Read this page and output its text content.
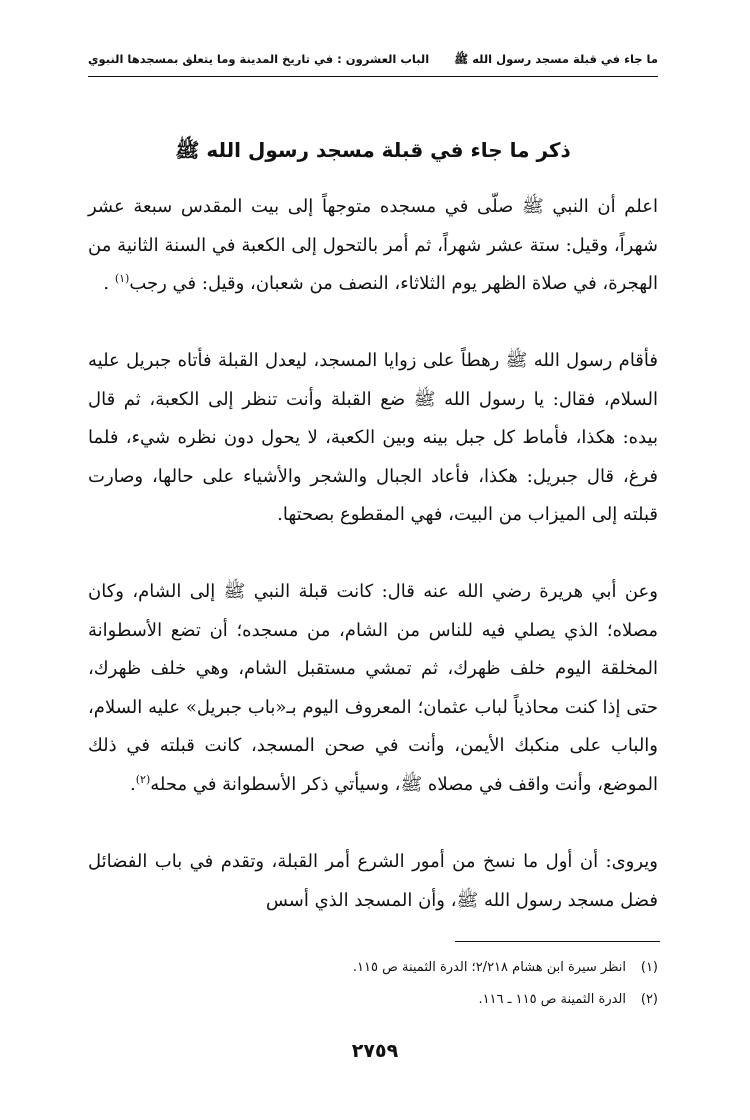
ما جاء في قبلة مسجد رسول الله ﷺ
الباب العشرون : في تاريخ المدينة وما يتعلق بمسجدها النبوي
ذكر ما جاء في قبلة مسجد رسول الله ﷺ
اعلم أن النبي ﷺ صلّى في مسجده متوجهاً إلى بيت المقدس سبعة عشر شهراً، وقيل: ستة عشر شهراً، ثم أمر بالتحول إلى الكعبة في السنة الثانية من الهجرة، في صلاة الظهر يوم الثلاثاء، النصف من شعبان، وقيل: في رجب$^{(١)}$ .
فأقام رسول الله ﷺ رهطاً على زوايا المسجد، ليعدل القبلة فأتاه جبريل عليه السلام، فقال: يا رسول الله ﷺ ضع القبلة وأنت تنظر إلى الكعبة، ثم قال بيده: هكذا، فأماط كل جبل بينه وبين الكعبة، لا يحول دون نظره شيء، فلما فرغ، قال جبريل: هكذا، فأعاد الجبال والشجر والأشياء على حالها، وصارت قبلته إلى الميزاب من البيت، فهي المقطوع بصحتها.
وعن أبي هريرة رضي الله عنه قال: كانت قبلة النبي ﷺ إلى الشام، وكان مصلاه؛ الذي يصلي فيه للناس من الشام، من مسجده؛ أن تضع الأسطوانة المخلقة اليوم خلف ظهرك، ثم تمشي مستقبل الشام، وهي خلف ظهرك، حتى إذا كنت محاذياً لباب عثمان؛ المعروف اليوم بـ«باب جبريل» عليه السلام، والباب على منكبك الأيمن، وأنت في صحن المسجد، كانت قبلته في ذلك الموضع، وأنت واقف في مصلاه ﷺ، وسيأتي ذكر الأسطوانة في محله$^{(٢)}$.
ويروى: أن أول ما نسخ من أمور الشرع أمر القبلة، وتقدم في باب الفضائل فضل مسجد رسول الله ﷺ، وأن المسجد الذي أسس
(١)انظر سيرة ابن هشام ٢/٢١٨؛ الدرة الثمينة ص ١١٥.
(٢)الدرة الثمينة ص ١١٥ ـ ١١٦.
٢٧٥٩
